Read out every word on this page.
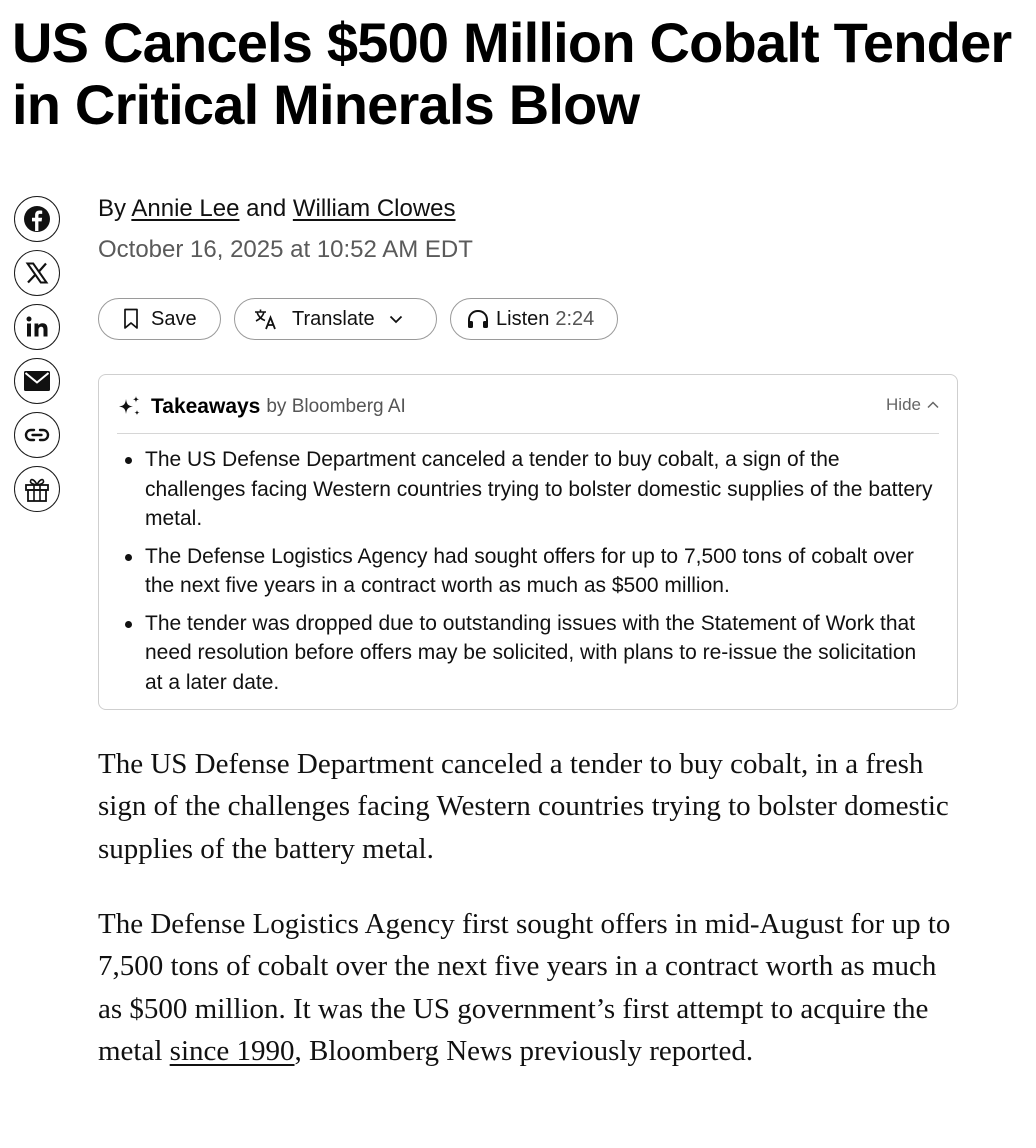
US Cancels $500 Million Cobalt Tender in Critical Minerals Blow
By Annie Lee and William Clowes
October 16, 2025 at 10:52 AM EDT
Save	Translate	Listen 2:24
Takeaways by Bloomberg AI	Hide
The US Defense Department canceled a tender to buy cobalt, a sign of the challenges facing Western countries trying to bolster domestic supplies of the battery metal.
The Defense Logistics Agency had sought offers for up to 7,500 tons of cobalt over the next five years in a contract worth as much as $500 million.
The tender was dropped due to outstanding issues with the Statement of Work that need resolution before offers may be solicited, with plans to re-issue the solicitation at a later date.

The US Defense Department canceled a tender to buy cobalt, in a fresh sign of the challenges facing Western countries trying to bolster domestic supplies of the battery metal.

The Defense Logistics Agency first sought offers in mid-August for up to 7,500 tons of cobalt over the next five years in a contract worth as much as $500 million. It was the US government’s first attempt to acquire the metal since 1990, Bloomberg News previously reported.
